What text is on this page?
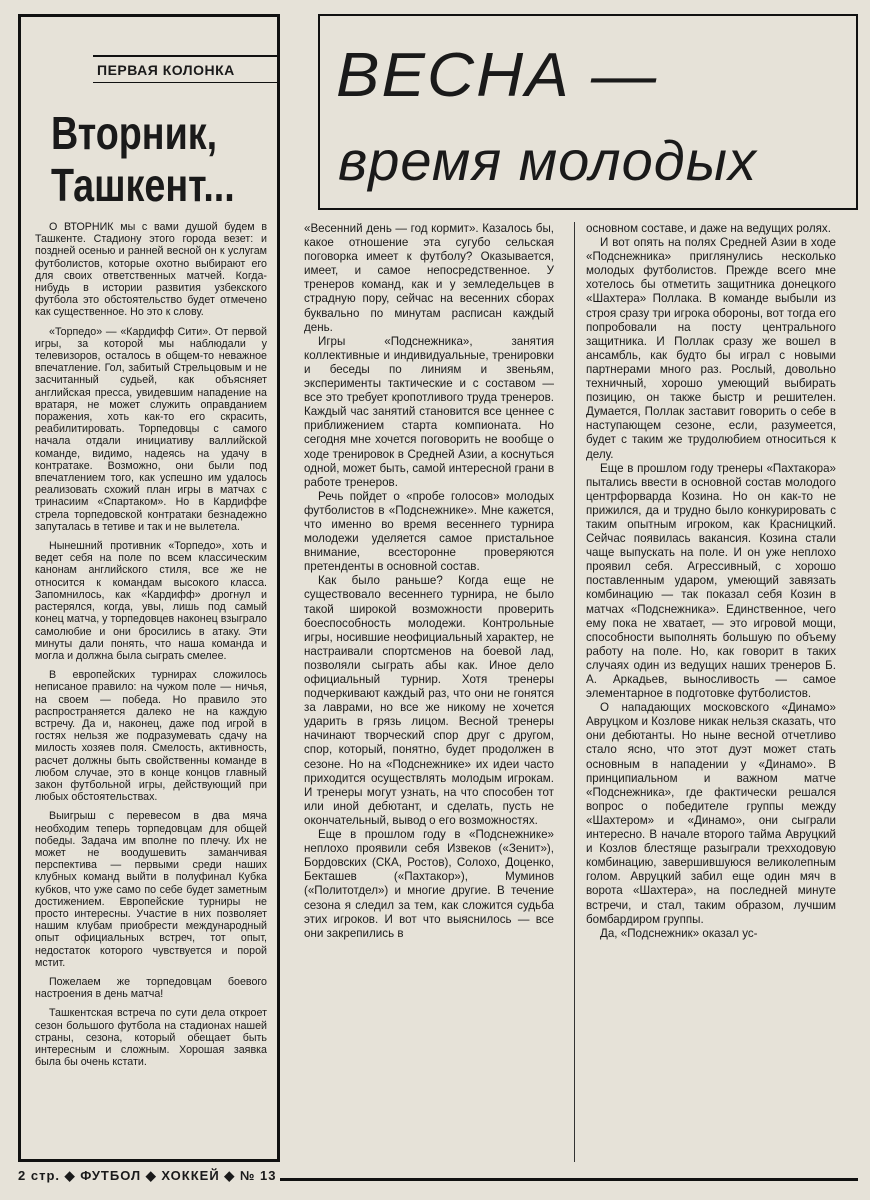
ПЕРВАЯ КОЛОНКА
Вторник,
Ташкент...

О ВТОРНИК мы с вами душой будем в Ташкенте. Стадиону этого города везет: и поздней осенью и ранней весной он к услугам футболистов, которые охотно выбирают его для своих ответственных матчей. Когда-нибудь в истории развития узбекского футбола это обстоятельство будет отмечено как существенное. Но это к слову.

«Торпедо» — «Кардифф Сити». От первой игры, за которой мы наблюдали у телевизоров, осталось в общем-то неважное впечатление. Гол, забитый Стрельцовым и не засчитанный судьей, как объясняет английская пресса, увидевшим нападение на вратаря, не может служить оправданием поражения, хоть как-то его скрасить, реабилитировать. Торпедовцы с самого начала отдали инициативу валлийской команде, видимо, надеясь на удачу в контратаке. Возможно, они были под впечатлением того, как успешно им удалось реализовать схожий план игры в матчах с тринасиим «Спартаком». Но в Кардиффе стрела торпедовской контратаки безнадежно запуталась в тетиве и так и не вылетела.

Нынешний противник «Торпедо», хоть и ведет себя на поле по всем классическим канонам английского стиля, все же не относится к командам высокого класса. Запомнилось, как «Кардифф» дрогнул и растерялся, когда, увы, лишь под самый конец матча, у торпедовцев наконец взыграло самолюбие и они бросились в атаку. Эти минуты дали понять, что наша команда и могла и должна была сыграть смелее.

В европейских турнирах сложилось неписаное правило: на чужом поле — ничья, на своем — победа. Но правило это распространяется далеко не на каждую встречу. Да и, наконец, даже под игрой в гостях нельзя же подразумевать сдачу на милость хозяев поля. Смелость, активность, расчет должны быть свойственны команде в любом случае, это в конце концов главный закон футбольной игры, действующий при любых обстоятельствах.

Выигрыш с перевесом в два мяча необходим теперь торпедовцам для общей победы. Задача им вполне по плечу. Их не может не воодушевить заманчивая перспектива — первыми среди наших клубных команд выйти в полуфинал Кубка кубков, что уже само по себе будет заметным достижением. Европейские турниры не просто интересны. Участие в них позволяет нашим клубам приобрести международный опыт официальных встреч, тот опыт, недостаток которого чувствуется и порой мстит.

Пожелаем же торпедовцам боевого настроения в день матча!

Ташкентская встреча по сути дела откроет сезон большого футбола на стадионах нашей страны, сезона, который обещает быть интересным и сложным. Хорошая заявка была бы очень кстати.

ВЕСНА —
время молодых

«Весенний день — год кормит». Казалось бы, какое отношение эта сугубо сельская поговорка имеет к футболу? Оказывается, имеет, и самое непосредственное. У тренеров команд, как и у земледельцев в страдную пору, сейчас на весенних сборах буквально по минутам расписан каждый день.

Игры «Подснежника», занятия коллективные и индивидуальные, тренировки и беседы по линиям и звеньям, эксперименты тактические и с составом — все это требует кропотливого труда тренеров. Каждый час занятий становится все ценнее с приближением старта компионата. Но сегодня мне хочется поговорить не вообще о ходе тренировок в Средней Азии, а коснуться одной, может быть, самой интересной грани в работе тренеров.

Речь пойдет о «пробе голосов» молодых футболистов в «Подснежнике». Мне кажется, что именно во время весеннего турнира молодежи уделяется самое пристальное внимание, всесторонне проверяются претенденты в основной состав.

Как было раньше? Когда еще не существовало весеннего турнира, не было такой широкой возможности проверить боеспособность молодежи. Контрольные игры, носившие неофициальный характер, не настраивали спортсменов на боевой лад, позволяли сыграть абы как. Иное дело официальный турнир. Хотя тренеры подчеркивают каждый раз, что они не гонятся за лаврами, но все же никому не хочется ударить в грязь лицом. Весной тренеры начинают творческий спор друг с другом, спор, который, понятно, будет продолжен в сезоне. Но на «Подснежнике» их идеи часто приходится осуществлять молодым игрокам. И тренеры могут узнать, на что способен тот или иной дебютант, и сделать, пусть не окончательный, вывод о его возможностях.

Еще в прошлом году в «Подснежнике» неплохо проявили себя Извеков («Зенит»), Бордовских (СКА, Ростов), Солохо, Доценко, Бекташев («Пахтакор»), Муминов («Политотдел») и многие другие. В течение сезона я следил за тем, как сложится судьба этих игроков. И вот что выяснилось — все они закрепились в

основном составе, и даже на ведущих ролях.

И вот опять на полях Средней Азии в ходе «Подснежника» приглянулись несколько молодых футболистов. Прежде всего мне хотелось бы отметить защитника донецкого «Шахтера» Поллака. В команде выбыли из строя сразу три игрока обороны, вот тогда его попробовали на посту центрального защитника. И Поллак сразу же вошел в ансамбль, как будто бы играл с новыми партнерами много раз. Рослый, довольно техничный, хорошо умеющий выбирать позицию, он также быстр и решителен. Думается, Поллак заставит говорить о себе в наступающем сезоне, если, разумеется, будет с таким же трудолюбием относиться к делу.

Еще в прошлом году тренеры «Пахтакора» пытались ввести в основной состав молодого центрфорварда Козина. Но он как-то не прижился, да и трудно было конкурировать с таким опытным игроком, как Красницкий. Сейчас появилась вакансия. Козина стали чаще выпускать на поле. И он уже неплохо проявил себя. Агрессивный, с хорошо поставленным ударом, умеющий завязать комбинацию — так показал себя Козин в матчах «Подснежника». Единственное, чего ему пока не хватает, — это игровой мощи, способности выполнять большую по объему работу на поле. Но, как говорит в таких случаях один из ведущих наших тренеров Б. А. Аркадьев, выносливость — самое элементарное в подготовке футболистов.

О нападающих московского «Динамо» Авруцком и Козлове никак нельзя сказать, что они дебютанты. Но ныне весной отчетливо стало ясно, что этот дуэт может стать основным в нападении у «Динамо». В принципиальном и важном матче «Подснежника», где фактически решался вопрос о победителе группы между «Шахтером» и «Динамо», они сыграли интересно. В начале второго тайма Авруцкий и Козлов блестяще разыграли трехходовую комбинацию, завершившуюся великолепным голом. Авруцкий забил еще один мяч в ворота «Шахтера», на последней минуте встречи, и стал, таким образом, лучшим бомбардиром группы.

Да, «Подснежник» оказал ус-

2 стр. ◆ ФУТБОЛ ◆ ХОККЕЙ ◆ № 13
